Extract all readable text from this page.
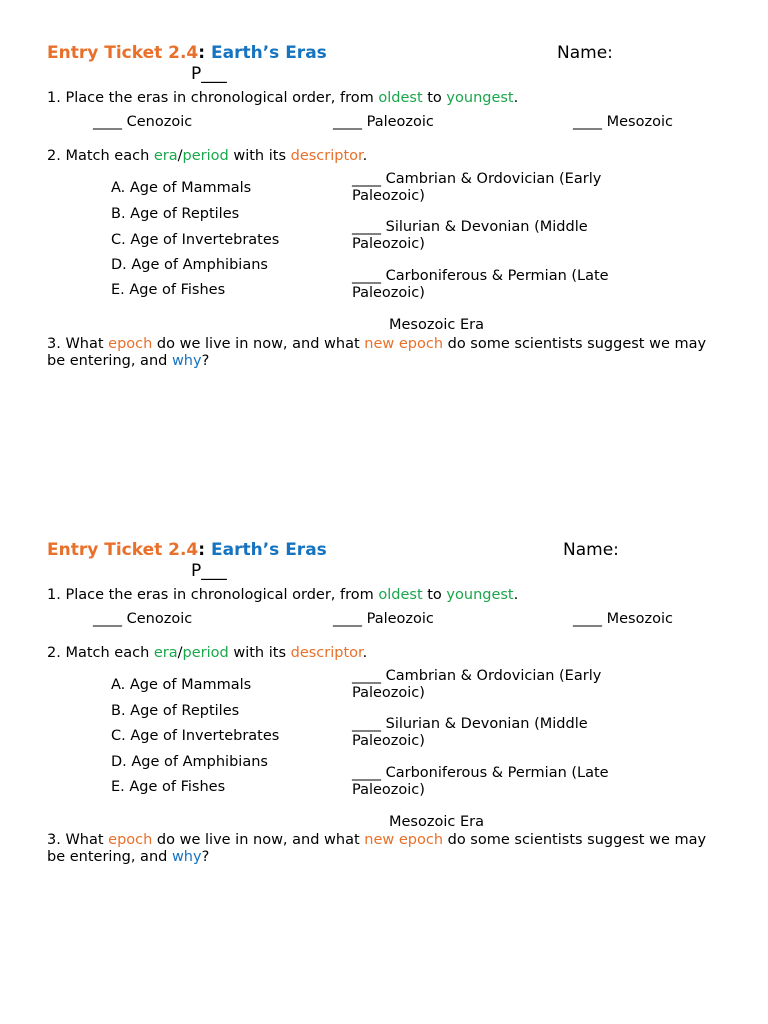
Entry Ticket 2.4: Earth’s Eras	Name:
P___
1. Place the eras in chronological order, from oldest to youngest.
____ Cenozoic	____ Paleozoic	____ Mesozoic
2. Match each era/period with its descriptor.
A. Age of Mammals
B. Age of Reptiles
C. Age of Invertebrates
D. Age of Amphibians
E. Age of Fishes
____ Cambrian & Ordovician (Early Paleozoic)
____ Silurian & Devonian (Middle Paleozoic)
____ Carboniferous & Permian (Late Paleozoic)
Mesozoic Era
3. What epoch do we live in now, and what new epoch do some scientists suggest we may be entering, and why?
Entry Ticket 2.4: Earth’s Eras	Name:
P___
1. Place the eras in chronological order, from oldest to youngest.
____ Cenozoic	____ Paleozoic	____ Mesozoic
2. Match each era/period with its descriptor.
A. Age of Mammals
B. Age of Reptiles
C. Age of Invertebrates
D. Age of Amphibians
E. Age of Fishes
____ Cambrian & Ordovician (Early Paleozoic)
____ Silurian & Devonian (Middle Paleozoic)
____ Carboniferous & Permian (Late Paleozoic)
Mesozoic Era
3. What epoch do we live in now, and what new epoch do some scientists suggest we may be entering, and why?
